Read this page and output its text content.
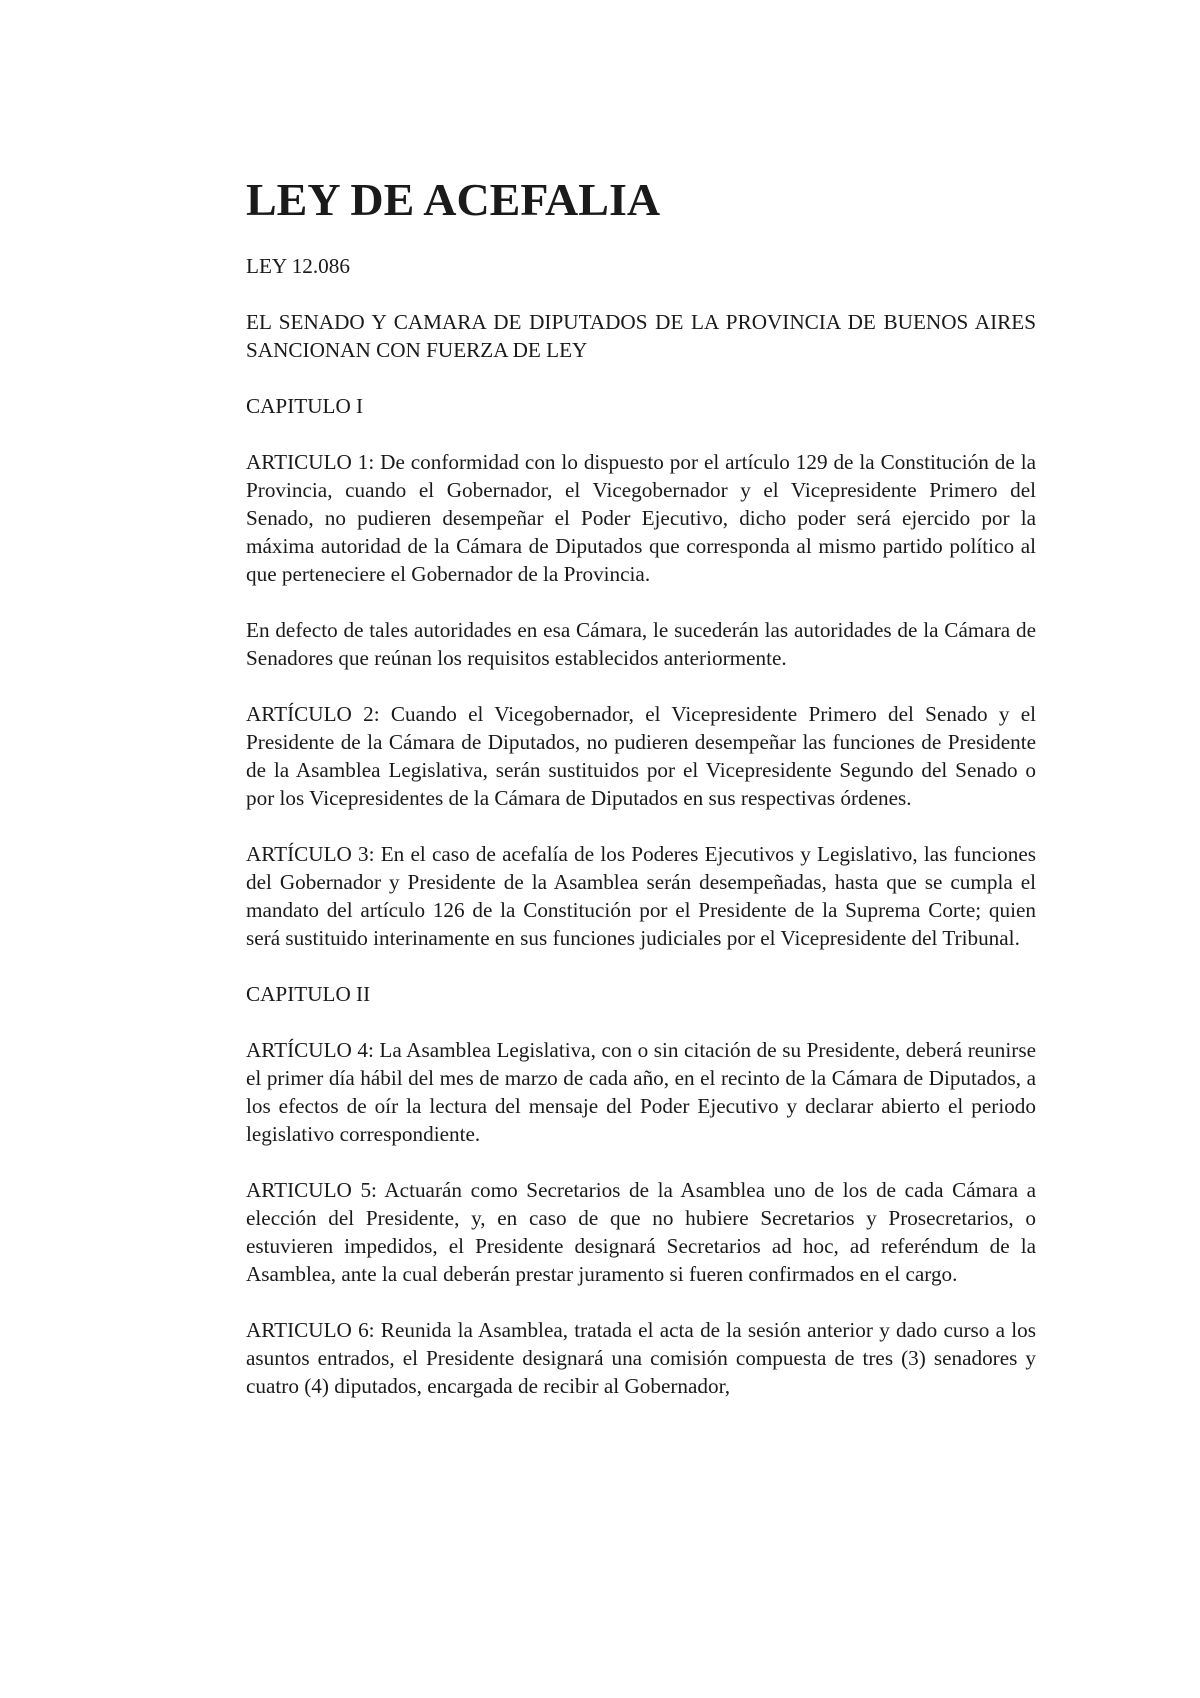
LEY DE ACEFALIA

LEY 12.086

EL SENADO Y CAMARA DE DIPUTADOS DE LA PROVINCIA DE BUENOS AIRES SANCIONAN CON FUERZA DE LEY

CAPITULO I

ARTICULO 1: De conformidad con lo dispuesto por el artículo 129 de la Constitución de la Provincia, cuando el Gobernador, el Vicegobernador y el Vicepresidente Primero del Senado, no pudieren desempeñar el Poder Ejecutivo, dicho poder será ejercido por la máxima autoridad de la Cámara de Diputados que corresponda al mismo partido político al que perteneciere el Gobernador de la Provincia.

En defecto de tales autoridades en esa Cámara, le sucederán las autoridades de la Cámara de Senadores que reúnan los requisitos establecidos anteriormente.

ARTÍCULO 2: Cuando el Vicegobernador, el Vicepresidente Primero del Senado y el Presidente de la Cámara de Diputados, no pudieren desempeñar las funciones de Presidente de la Asamblea Legislativa, serán sustituidos por el Vicepresidente Segundo del Senado o por los Vicepresidentes de la Cámara de Diputados en sus respectivas órdenes.

ARTÍCULO 3: En el caso de acefalía de los Poderes Ejecutivos y Legislativo, las funciones del Gobernador y Presidente de la Asamblea serán desempeñadas, hasta que se cumpla el mandato del artículo 126 de la Constitución por el Presidente de la Suprema Corte; quien será sustituido interinamente en sus funciones judiciales por el Vicepresidente del Tribunal.

CAPITULO II

ARTÍCULO 4: La Asamblea Legislativa, con o sin citación de su Presidente, deberá reunirse el primer día hábil del mes de marzo de cada año, en el recinto de la Cámara de Diputados, a los efectos de oír la lectura del mensaje del Poder Ejecutivo y declarar abierto el periodo legislativo correspondiente.

ARTICULO 5: Actuarán como Secretarios de la Asamblea uno de los de cada Cámara a elección del Presidente, y, en caso de que no hubiere Secretarios y Prosecretarios, o estuvieren impedidos, el Presidente designará Secretarios ad hoc, ad referéndum de la Asamblea, ante la cual deberán prestar juramento si fueren confirmados en el cargo.

ARTICULO 6: Reunida la Asamblea, tratada el acta de la sesión anterior y dado curso a los asuntos entrados, el Presidente designará una comisión compuesta de tres (3) senadores y cuatro (4) diputados, encargada de recibir al Gobernador,
